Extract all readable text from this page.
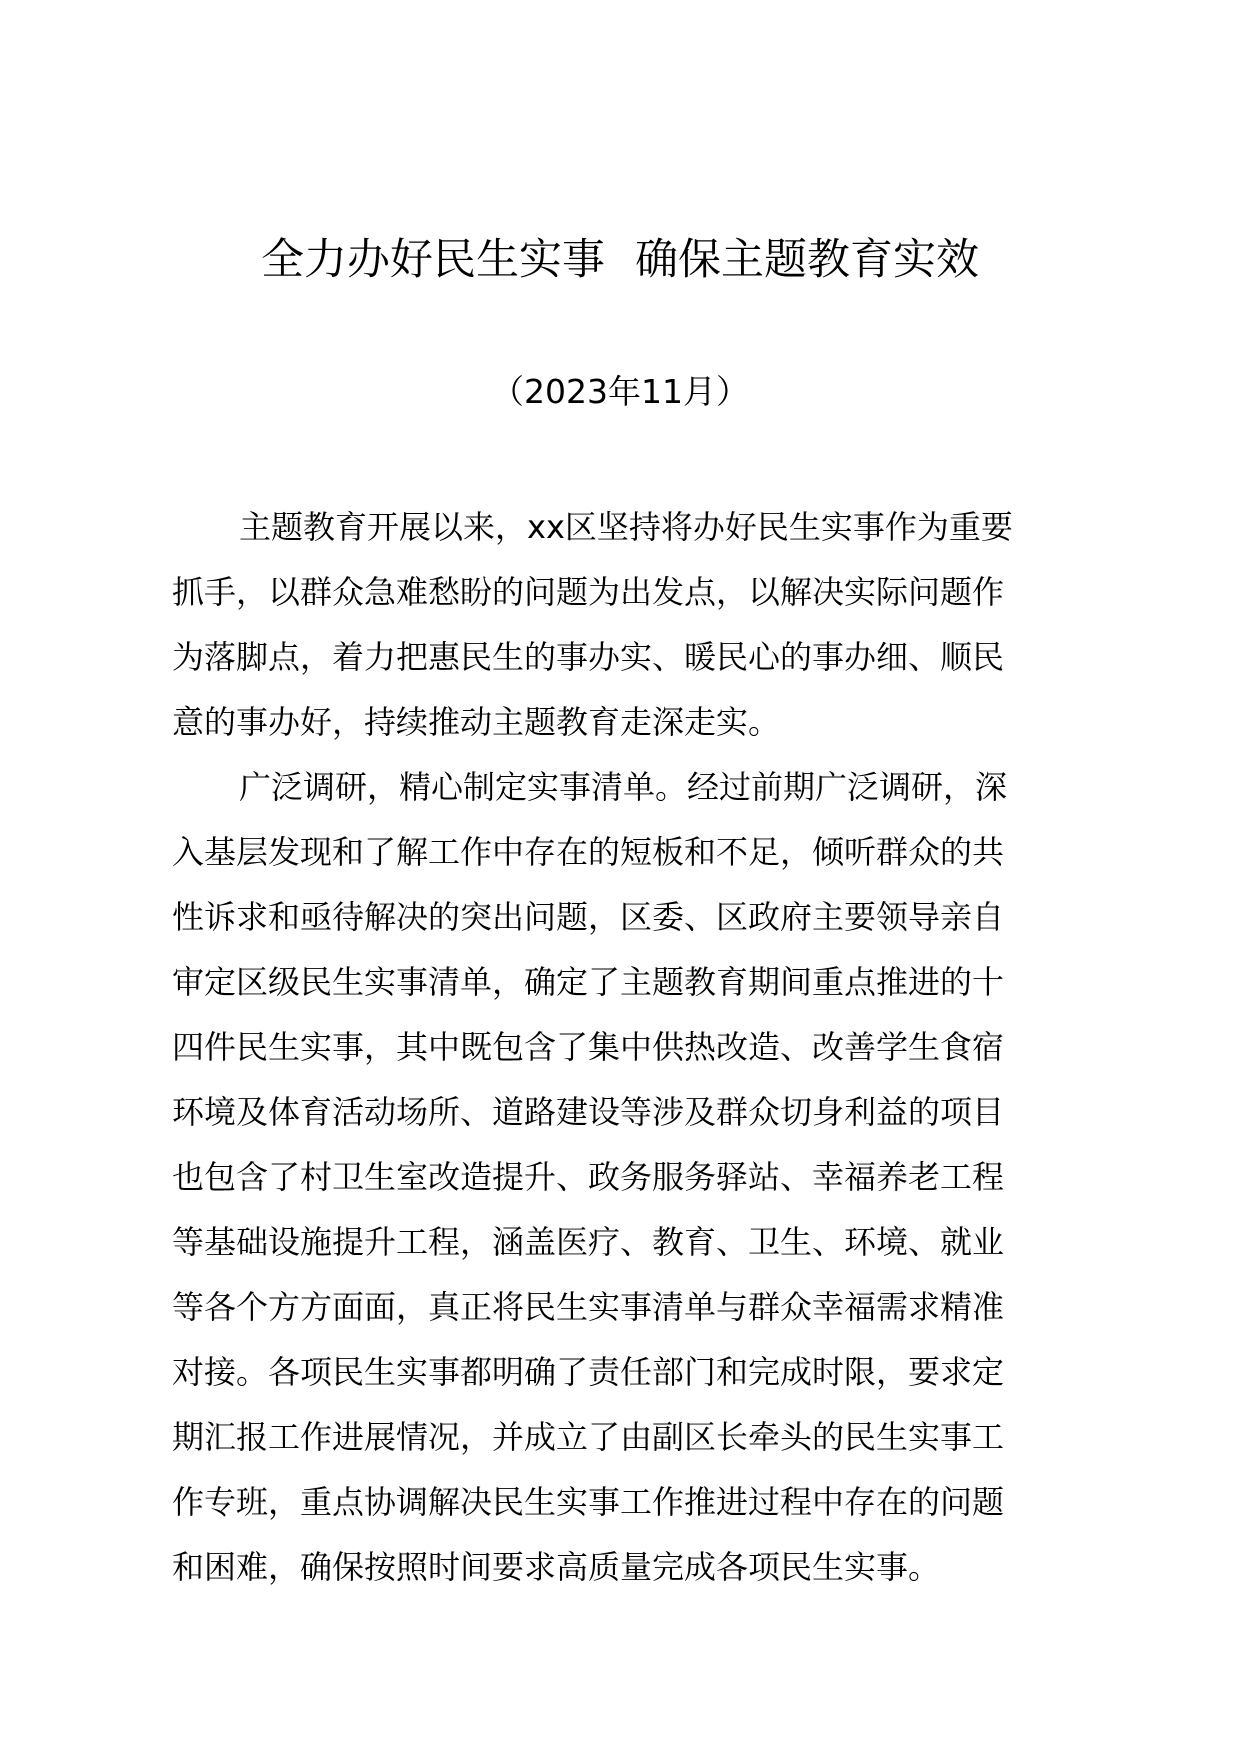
全力办好民生实事 确保主题教育实效
（2023年11月）
主题教育开展以来，xx区坚持将办好民生实事作为重要
抓手，以群众急难愁盼的问题为出发点，以解决实际问题作
为落脚点，着力把惠民生的事办实、暖民心的事办细、顺民
意的事办好，持续推动主题教育走深走实。
广泛调研，精心制定实事清单。经过前期广泛调研，深
入基层发现和了解工作中存在的短板和不足，倾听群众的共
性诉求和亟待解决的突出问题，区委、区政府主要领导亲自
审定区级民生实事清单，确定了主题教育期间重点推进的十
四件民生实事，其中既包含了集中供热改造、改善学生食宿
环境及体育活动场所、道路建设等涉及群众切身利益的项目
也包含了村卫生室改造提升、政务服务驿站、幸福养老工程
等基础设施提升工程，涵盖医疗、教育、卫生、环境、就业
等各个方方面面，真正将民生实事清单与群众幸福需求精准
对接。各项民生实事都明确了责任部门和完成时限，要求定
期汇报工作进展情况，并成立了由副区长牵头的民生实事工
作专班，重点协调解决民生实事工作推进过程中存在的问题
和困难，确保按照时间要求高质量完成各项民生实事。
